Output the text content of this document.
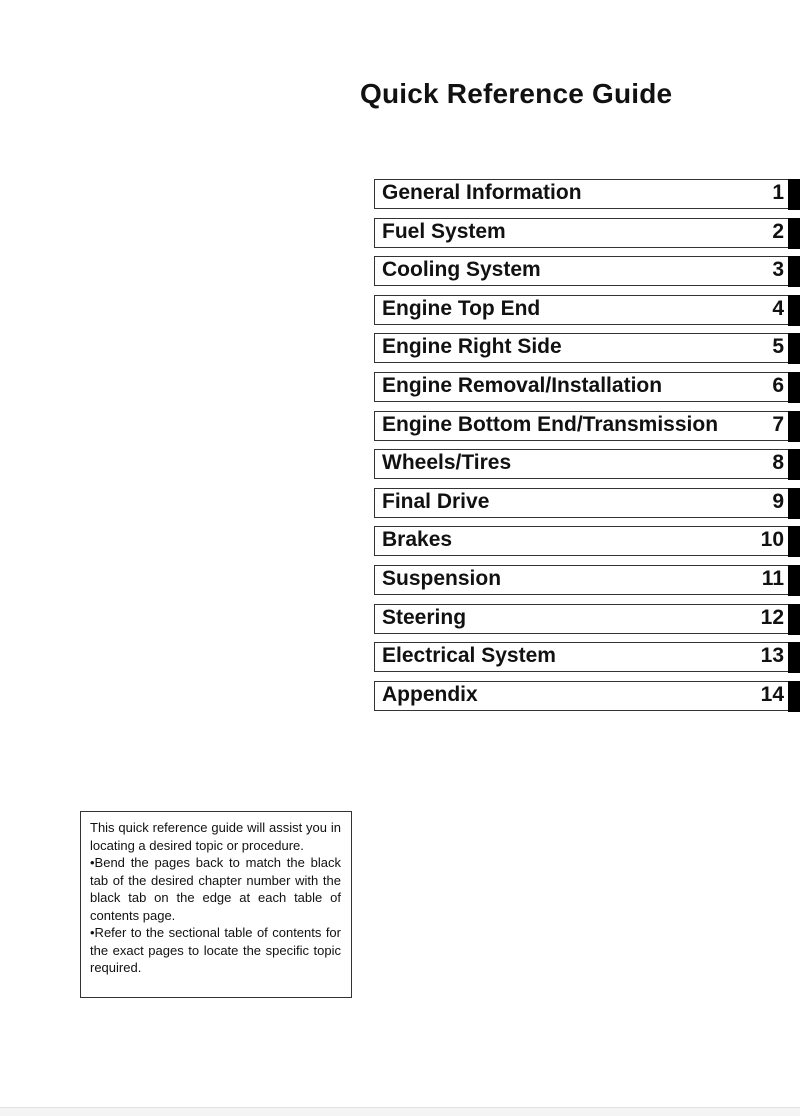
Quick Reference Guide
General Information	1
Fuel System	2
Cooling System	3
Engine Top End	4
Engine Right Side	5
Engine Removal/Installation	6
Engine Bottom End/Transmission	7
Wheels/Tires	8
Final Drive	9
Brakes	10
Suspension	11
Steering	12
Electrical System	13
Appendix	14
This quick reference guide will assist you in locating a desired topic or procedure.
•Bend the pages back to match the black tab of the desired chapter number with the black tab on the edge at each table of contents page.
•Refer to the sectional table of contents for the exact pages to locate the specific topic required.
